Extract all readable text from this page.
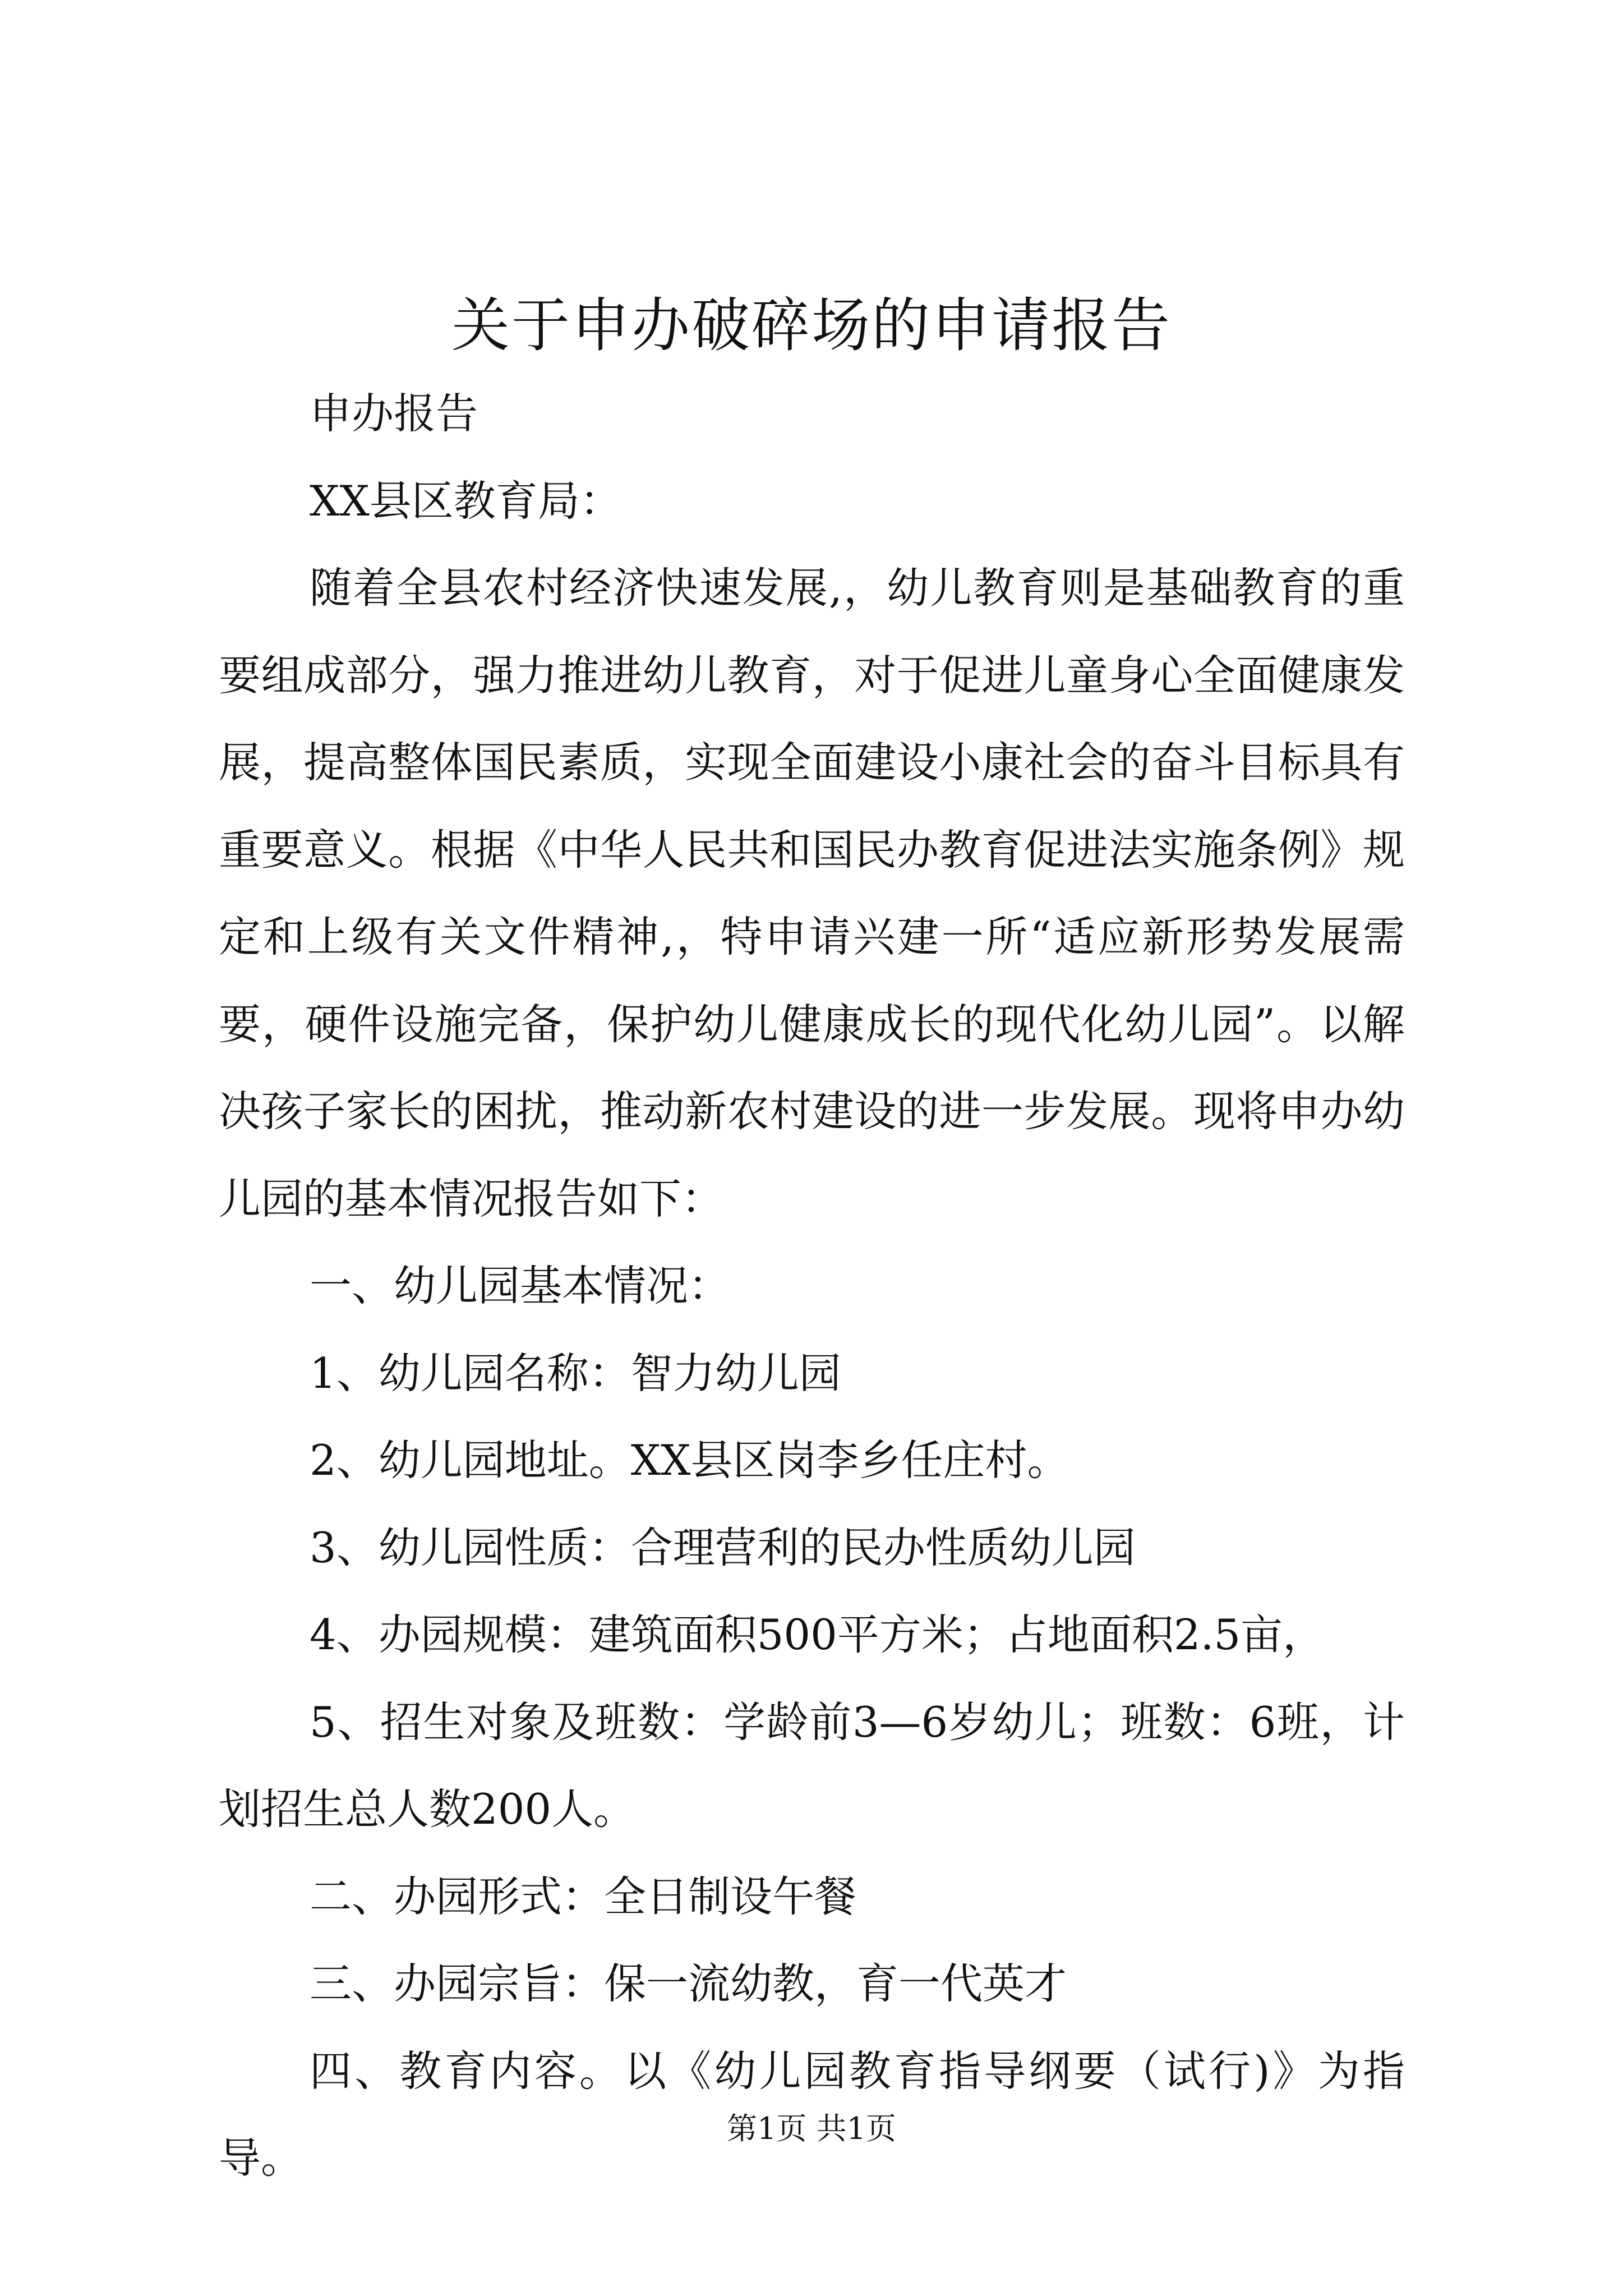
关于申办破碎场的申请报告

申办报告

XX县区教育局：

随着全县农村经济快速发展,，幼儿教育则是基础教育的重要组成部分，强力推进幼儿教育，对于促进儿童身心全面健康发展，提高整体国民素质，实现全面建设小康社会的奋斗目标具有重要意义。根据《中华人民共和国民办教育促进法实施条例》规定和上级有关文件精神,，特申请兴建一所“适应新形势发展需要，硬件设施完备，保护幼儿健康成长的现代化幼儿园”。以解决孩子家长的困扰，推动新农村建设的进一步发展。现将申办幼儿园的基本情况报告如下：

一、幼儿园基本情况：

1、幼儿园名称：智力幼儿园

2、幼儿园地址。XX县区岗李乡任庄村。

3、幼儿园性质：合理营利的民办性质幼儿园

4、办园规模：建筑面积500平方米；占地面积2.5亩，

5、招生对象及班数：学龄前3—6岁幼儿；班数：6班，计划招生总人数200人。

二、办园形式：全日制设午餐

三、办园宗旨：保一流幼教，育一代英才

四、教育内容。以《幼儿园教育指导纲要（试行)》为指导。

第1页 共1页
